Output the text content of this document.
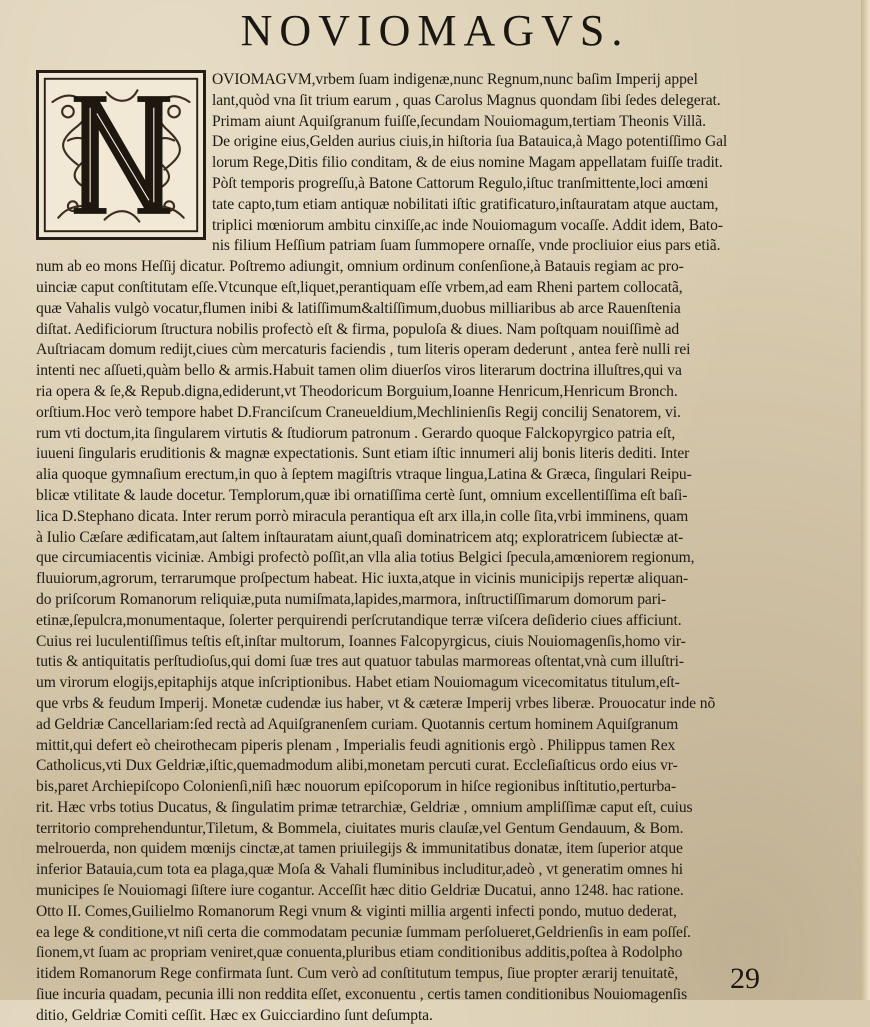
NOVIOMAGVS.
OVIOMAGVM,vrbem ſuam indigenæ,nunc Regnum,nunc baſim Imperij appel
lant,quòd vna ſit trium earum , quas Carolus Magnus quondam ſibi ſedes delegerat.
Primam aiunt Aquiſgranum fuiſſe,ſecundam Nouiomagum,tertiam Theonis Villã.
De origine eius,Gelden aurius ciuis,in hiſtoria ſua Batauica,à Mago potentiſſimo Gal
lorum Rege,Ditis filio conditam, & de eius nomine Magam appellatam fuiſſe tradit.
Pòſt temporis progreſſu,à Batone Cattorum Regulo,iſtuc tranſmittente,loci amœni
tate capto,tum etiam antiquæ nobilitati iſtic gratificaturo,inſtauratam atque auctam,
triplici mœniorum ambitu cinxiſſe,ac inde Nouiomagum vocaſſe. Addit idem, Bato-
nis filium Heſſium patriam ſuam ſummopere ornaſſe, vnde procliuior eius pars etiã.
num ab eo mons Heſſij dicatur. Poſtremo adiungit, omnium ordinum conſenſione,à Batauis regiam ac pro-
uinciæ caput conſtitutam eſſe.Vtcunque eſt,liquet,perantiquam eſſe vrbem,ad eam Rheni partem collocatã,
quæ Vahalis vulgò vocatur,flumen inibi & latiſſimum&altiſſimum,duobus milliaribus ab arce Rauenſtenia
diſtat. Aedificiorum ſtructura nobilis profectò eſt & firma, populoſa & diues. Nam poſtquam nouiſſimè ad
Auſtriacam domum redijt,ciues cùm mercaturis faciendis , tum literis operam dederunt , antea ferè nulli rei
intenti nec aſſueti,quàm bello & armis.Habuit tamen olim diuerſos viros literarum doctrina illuſtres,qui va
ria opera & ſe,& Repub.digna,ediderunt,vt Theodoricum Borguium,Ioanne Henricum,Henricum Bronch.
orſtium.Hoc verò tempore habet D.Franciſcum Craneueldium,Mechlinienſis Regij concilij Senatorem, vi.
rum vti doctum,ita ſingularem virtutis & ſtudiorum patronum . Gerardo quoque Falckopyrgico patria eſt,
iuueni ſingularis eruditionis & magnæ expectationis. Sunt etiam iſtic innumeri alij bonis literis dediti. Inter
alia quoque gymnaſium erectum,in quo à ſeptem magiſtris vtraque lingua,Latina & Græca, ſingulari Reipu-
blicæ vtilitate & laude docetur. Templorum,quæ ibi ornatiſſima certè ſunt, omnium excellentiſſima eſt baſi-
lica D.Stephano dicata. Inter rerum porrò miracula perantiqua eſt arx illa,in colle ſita,vrbi imminens, quam
à Iulio Cæſare ædificatam,aut ſaltem inſtauratam aiunt,quaſi dominatricem atq; exploratricem ſubiectæ at-
que circumiacentis viciniæ. Ambigi profectò poſſit,an vlla alia totius Belgici ſpecula,amœniorem regionum,
fluuiorum,agrorum, terrarumque proſpectum habeat. Hic iuxta,atque in vicinis municipijs repertæ aliquan-
do priſcorum Romanorum reliquiæ,puta numiſmata,lapides,marmora, inſtructiſſimarum domorum pari-
etinæ,ſepulcra,monumentaque, ſolerter perquirendi perſcrutandique terræ viſcera deſiderio ciues afficiunt.
Cuius rei luculentiſſimus teſtis eſt,inſtar multorum, Ioannes Falcopyrgicus, ciuis Nouiomagenſis,homo vir-
tutis & antiquitatis perſtudioſus,qui domi ſuæ tres aut quatuor tabulas marmoreas oſtentat,vnà cum illuſtri-
um virorum elogijs,epitaphijs atque inſcriptionibus. Habet etiam Nouiomagum vicecomitatus titulum,eſt-
que vrbs & feudum Imperij. Monetæ cudendæ ius haber, vt & cæteræ Imperij vrbes liberæ. Prouocatur inde nõ
ad Geldriæ Cancellariam:ſed rectà ad Aquiſgranenſem curiam. Quotannis certum hominem Aquiſgranum
mittit,qui defert eò cheirothecam piperis plenam , Imperialis feudi agnitionis ergò . Philippus tamen Rex
Catholicus,vti Dux Geldriæ,iſtic,quemadmodum alibi,monetam percuti curat. Eccleſiaſticus ordo eius vr-
bis,paret Archiepiſcopo Colonienſi,niſi hæc nouorum epiſcoporum in hiſce regionibus inſtitutio,perturba-
rit. Hæc vrbs totius Ducatus, & ſingulatim primæ tetrarchiæ, Geldriæ , omnium ampliſſimæ caput eſt, cuius
territorio comprehenduntur,Tiletum, & Bommela, ciuitates muris clauſæ,vel Gentum Gendauum, & Bom.
melrouerda, non quidem mœnijs cinctæ,at tamen priuilegijs & immunitatibus donatæ, item ſuperior atque
inferior Batauia,cum tota ea plaga,quæ Moſa & Vahali fluminibus includitur,adeò , vt generatim omnes hi
municipes ſe Nouiomagi ſiſtere iure cogantur. Acceſſit hæc ditio Geldriæ Ducatui, anno 1248. hac ratione.
Otto II. Comes,Guilielmo Romanorum Regi vnum & viginti millia argenti infecti pondo, mutuo dederat,
ea lege & conditione,vt niſi certa die commodatam pecuniæ ſummam perſolueret,Geldrienſis in eam poſſeſ.
ſionem,vt ſuam ac propriam veniret,quæ conuenta,pluribus etiam conditionibus additis,poſtea à Rodolpho
itidem Romanorum Rege confirmata ſunt. Cum verò ad conſtitutum tempus, ſiue propter ærarij tenuitatẽ,
ſiue incuria quadam, pecunia illi non reddita eſſet, exconuentu , certis tamen conditionibus Nouiomagenſis
ditio, Geldriæ Comiti ceſſit. Hæc ex Guicciardino ſunt deſumpta.
29
